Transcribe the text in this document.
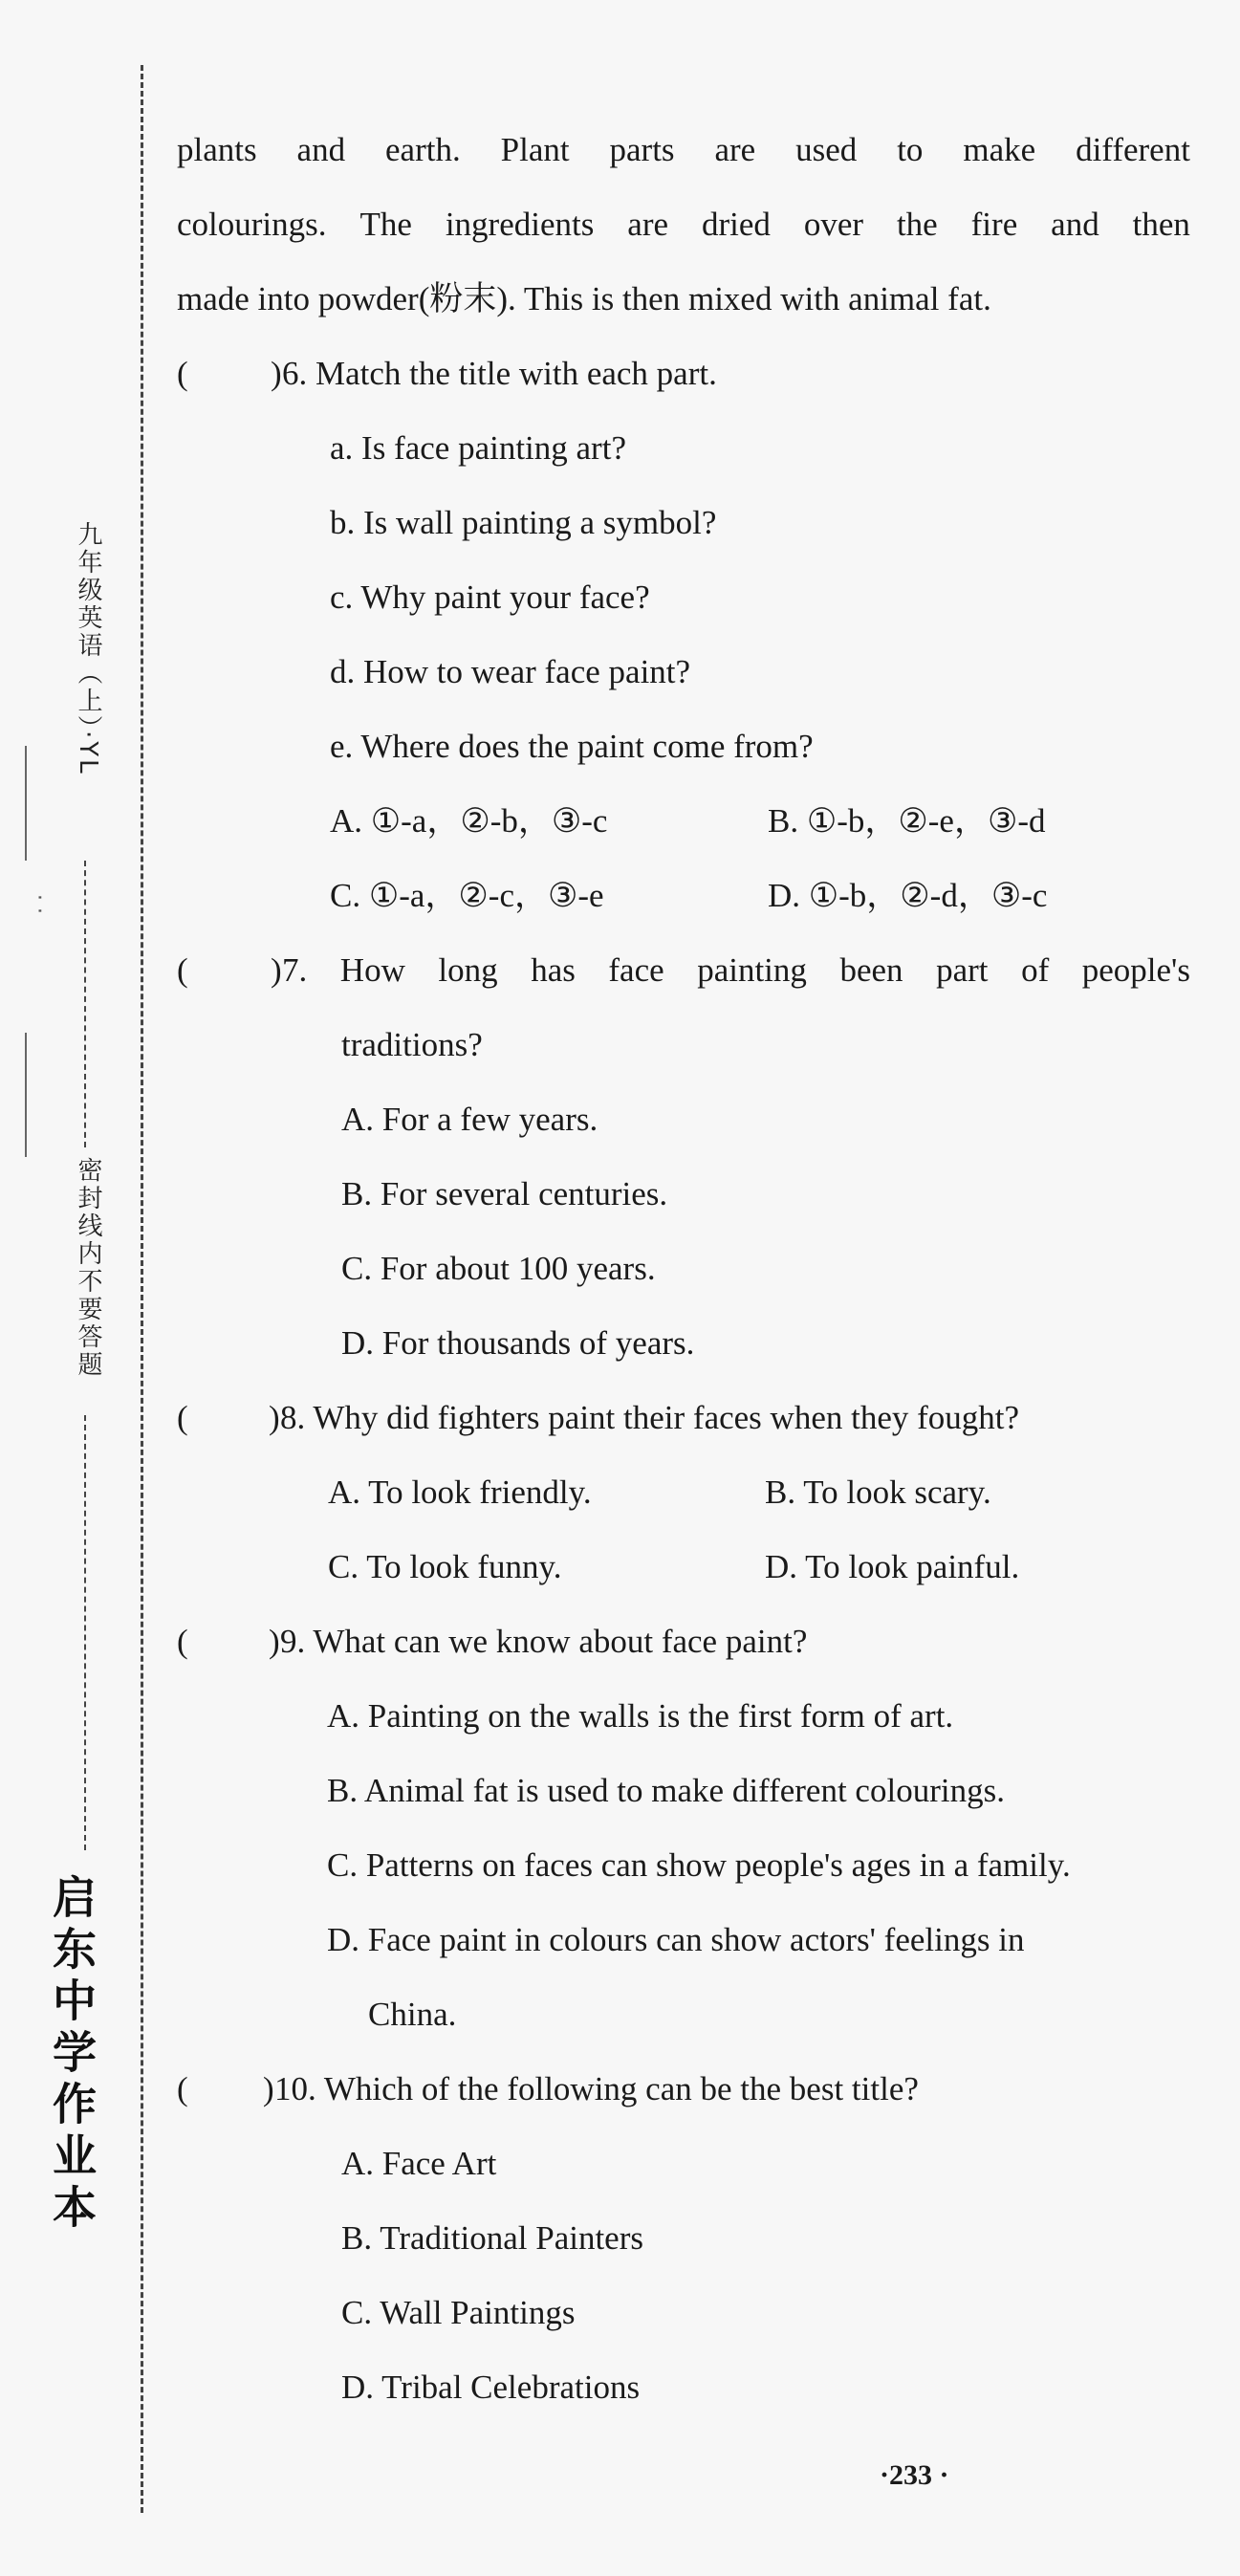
启东中学作业本
密封线内不要答题
九年级英语（上）·YL
· ·
plants and earth. Plant parts are used to make different
colourings. The ingredients are dried over the fire and then
made into powder(粉末). This is then mixed with animal fat.
( ) 6. Match the title with each part.
a. Is face painting art?
b. Is wall painting a symbol?
c. Why paint your face?
d. How to wear face paint?
e. Where does the paint come from?
A. ①-a，②-b，③-c	B. ①-b，②-e，③-d
C. ①-a，②-c，③-e	D. ①-b，②-d，③-c
( ) 7. How long has face painting been part of people's
traditions?
A. For a few years.
B. For several centuries.
C. For about 100 years.
D. For thousands of years.
( ) 8. Why did fighters paint their faces when they fought?
A. To look friendly.	B. To look scary.
C. To look funny.	D. To look painful.
( ) 9. What can we know about face paint?
A. Painting on the walls is the first form of art.
B. Animal fat is used to make different colourings.
C. Patterns on faces can show people's ages in a family.
D. Face paint in colours can show actors' feelings in
China.
( ) 10. Which of the following can be the best title?
A. Face Art
B. Traditional Painters
C. Wall Paintings
D. Tribal Celebrations
·233 ·
